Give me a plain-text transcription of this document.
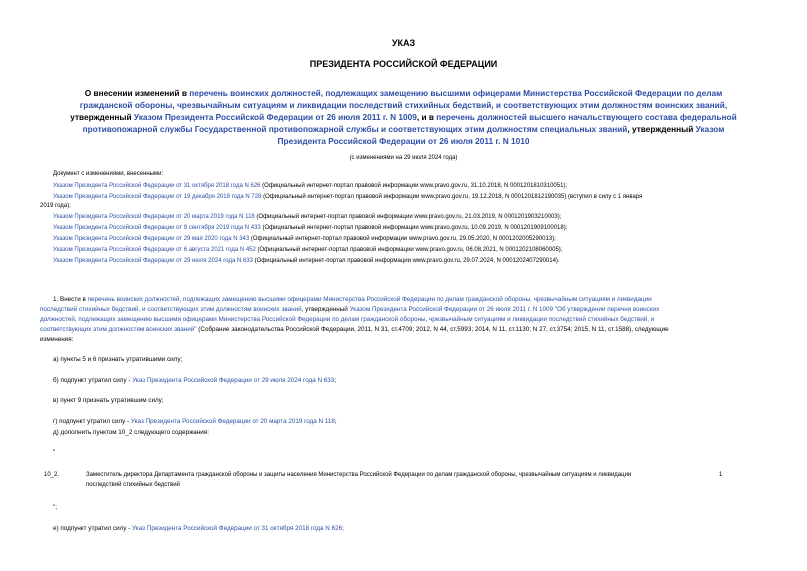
УКАЗ
ПРЕЗИДЕНТА РОССИЙСКОЙ ФЕДЕРАЦИИ
О внесении изменений в перечень воинских должностей, подлежащих замещению высшими офицерами Министерства Российской Федерации по делам
гражданской обороны, чрезвычайным ситуациям и ликвидации последствий стихийных бедствий, и соответствующих этим должностям воинских званий,
утвержденный Указом Президента Российской Федерации от 26 июля 2011 г. N 1009, и в перечень должностей высшего начальствующего состава федеральной
противопожарной службы Государственной противопожарной службы и соответствующих этим должностям специальных званий, утвержденный Указом
Президента Российской Федерации от 26 июля 2011 г. N 1010
(с изменениями на 29 июля 2024 года)
Документ с изменениями, внесенными:
Указом Президента Российской Федерации от 31 октября 2018 года N 626 (Официальный интернет-портал правовой информации www.pravo.gov.ru, 31.10.2018, N 0001201810310051);
Указом Президента Российской Федерации от 19 декабря 2018 года N 728 (Официальный интернет-портал правовой информации www.pravo.gov.ru, 19.12.2018, N 0001201812190035) (вступил в силу с 1 января
2019 года);
Указом Президента Российской Федерации от 20 марта 2019 года N 118 (Официальный интернет-портал правовой информации www.pravo.gov.ru, 21.03.2019, N 0001201903210003);
Указом Президента Российской Федерации от 9 сентября 2019 года N 433 (Официальный интернет-портал правовой информации www.pravo.gov.ru, 10.09.2019, N 0001201909100018);
Указом Президента Российской Федерации от 29 мая 2020 года N 343 (Официальный интернет-портал правовой информации www.pravo.gov.ru, 29.05.2020, N 0001202005290013);
Указом Президента Российской Федерации от 6 августа 2021 года N 452 (Официальный интернет-портал правовой информации www.pravo.gov.ru, 06.08.2021, N 0001202108060005);
Указом Президента Российской Федерации от 29 июля 2024 года N 633 (Официальный интернет-портал правовой информации www.pravo.gov.ru, 29.07.2024, N 0001202407290014).
1. Внести в перечень воинских должностей, подлежащих замещению высшими офицерами Министерства Российской Федерации по делам гражданской обороны, чрезвычайным ситуациям и ликвидации
последствий стихийных бедствий, и соответствующих этим должностям воинских званий, утвержденный Указом Президента Российской Федерации от 26 июля 2011 г. N 1009 "Об утверждении перечня воинских
должностей, подлежащих замещению высшими офицерами Министерства Российской Федерации по делам гражданской обороны, чрезвычайным ситуациям и ликвидации последствий стихийных бедствий, и
соответствующих этим должностям воинских званий" (Собрание законодательства Российской Федерации, 2011, N 31, ст.4709; 2012, N 44, ст.5993; 2014, N 11, ст.1130; N 27, ст.3754; 2015, N 11, ст.1588), следующие
изменения:
а) пункты 5 и 6 признать утратившими силу;
б) подпункт утратил силу - Указ Президента Российской Федерации от 29 июля 2024 года N 633;
в) пункт 9 признать утратившим силу;
г) подпункт утратил силу - Указ Президента Российской Федерации от 20 марта 2019 года N 118;
д) дополнить пунктом 10_2 следующего содержания:
"
10_2.	Заместитель директора Департамента гражданской обороны и защиты населения Министерства Российской Федерации по делам гражданской обороны, чрезвычайным ситуациям и ликвидации
последствий стихийных бедствий
1
";
е) подпункт утратил силу - Указ Президента Российской Федерации от 31 октября 2018 года N 626;
